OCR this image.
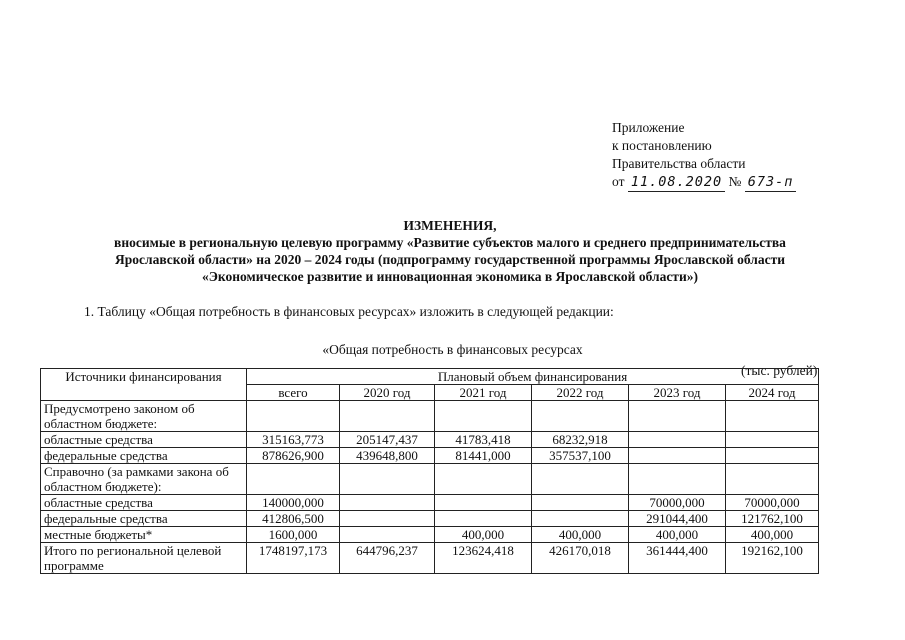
Приложение
к постановлению
Правительства области
от 11.08.2020 № 673-п
ИЗМЕНЕНИЯ,
вносимые в региональную целевую программу «Развитие субъектов малого и среднего предпринимательства
Ярославской области» на 2020 – 2024 годы (подпрограмму государственной программы Ярославской области
«Экономическое развитие и инновационная экономика в Ярославской области»)
1. Таблицу «Общая потребность в финансовых ресурсах» изложить в следующей редакции:
«Общая потребность в финансовых ресурсах
(тыс. рублей)
Источники финансирования	Плановый объем финансирования					
	всего	2020 год	2021 год	2022 год	2023 год	2024 год
Предусмотрено законом об областном бюджете:						
областные средства	315163,773	205147,437	41783,418	68232,918		
федеральные средства	878626,900	439648,800	81441,000	357537,100		
Справочно (за рамками закона об областном бюджете):						
областные средства	140000,000				70000,000	70000,000
федеральные средства	412806,500				291044,400	121762,100
местные бюджеты*	1600,000		400,000	400,000	400,000	400,000
Итого по региональной целевой программе	1748197,173	644796,237	123624,418	426170,018	361444,400	192162,100
